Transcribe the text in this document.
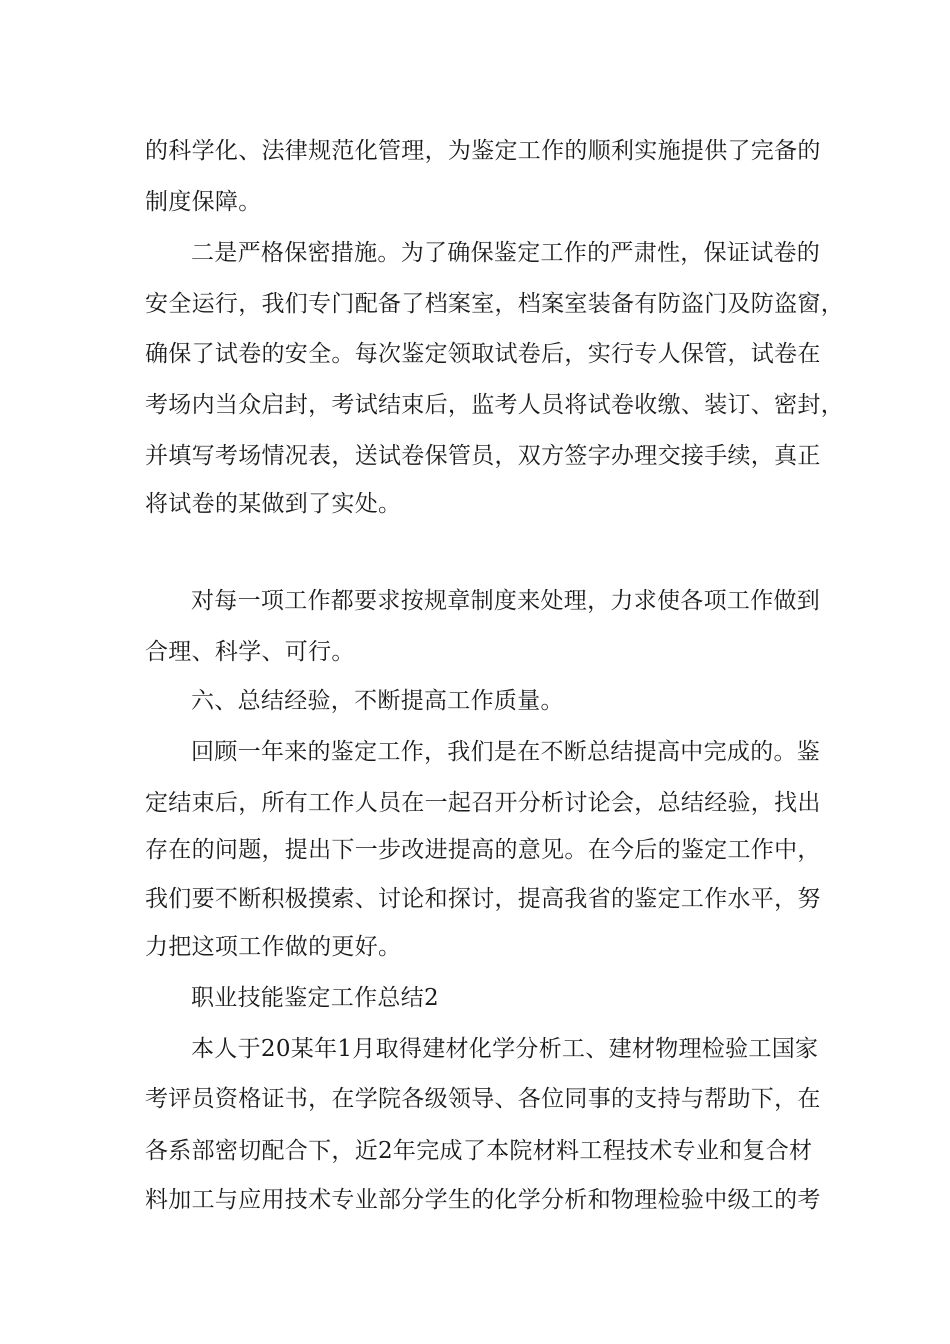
的科学化、法律规范化管理，为鉴定工作的顺利实施提供了完备的
制度保障。
二是严格保密措施。为了确保鉴定工作的严肃性，保证试卷的
安全运行，我们专门配备了档案室，档案室装备有防盗门及防盗窗，
确保了试卷的安全。每次鉴定领取试卷后，实行专人保管，试卷在
考场内当众启封，考试结束后，监考人员将试卷收缴、装订、密封，
并填写考场情况表，送试卷保管员，双方签字办理交接手续，真正
将试卷的某做到了实处。
对每一项工作都要求按规章制度来处理，力求使各项工作做到
合理、科学、可行。
六、总结经验，不断提高工作质量。
回顾一年来的鉴定工作，我们是在不断总结提高中完成的。鉴
定结束后，所有工作人员在一起召开分析讨论会，总结经验，找出
存在的问题，提出下一步改进提高的意见。在今后的鉴定工作中，
我们要不断积极摸索、讨论和探讨，提高我省的鉴定工作水平，努
力把这项工作做的更好。
职业技能鉴定工作总结2
本人于20某年1月取得建材化学分析工、建材物理检验工国家
考评员资格证书，在学院各级领导、各位同事的支持与帮助下，在
各系部密切配合下，近2年完成了本院材料工程技术专业和复合材
料加工与应用技术专业部分学生的化学分析和物理检验中级工的考
